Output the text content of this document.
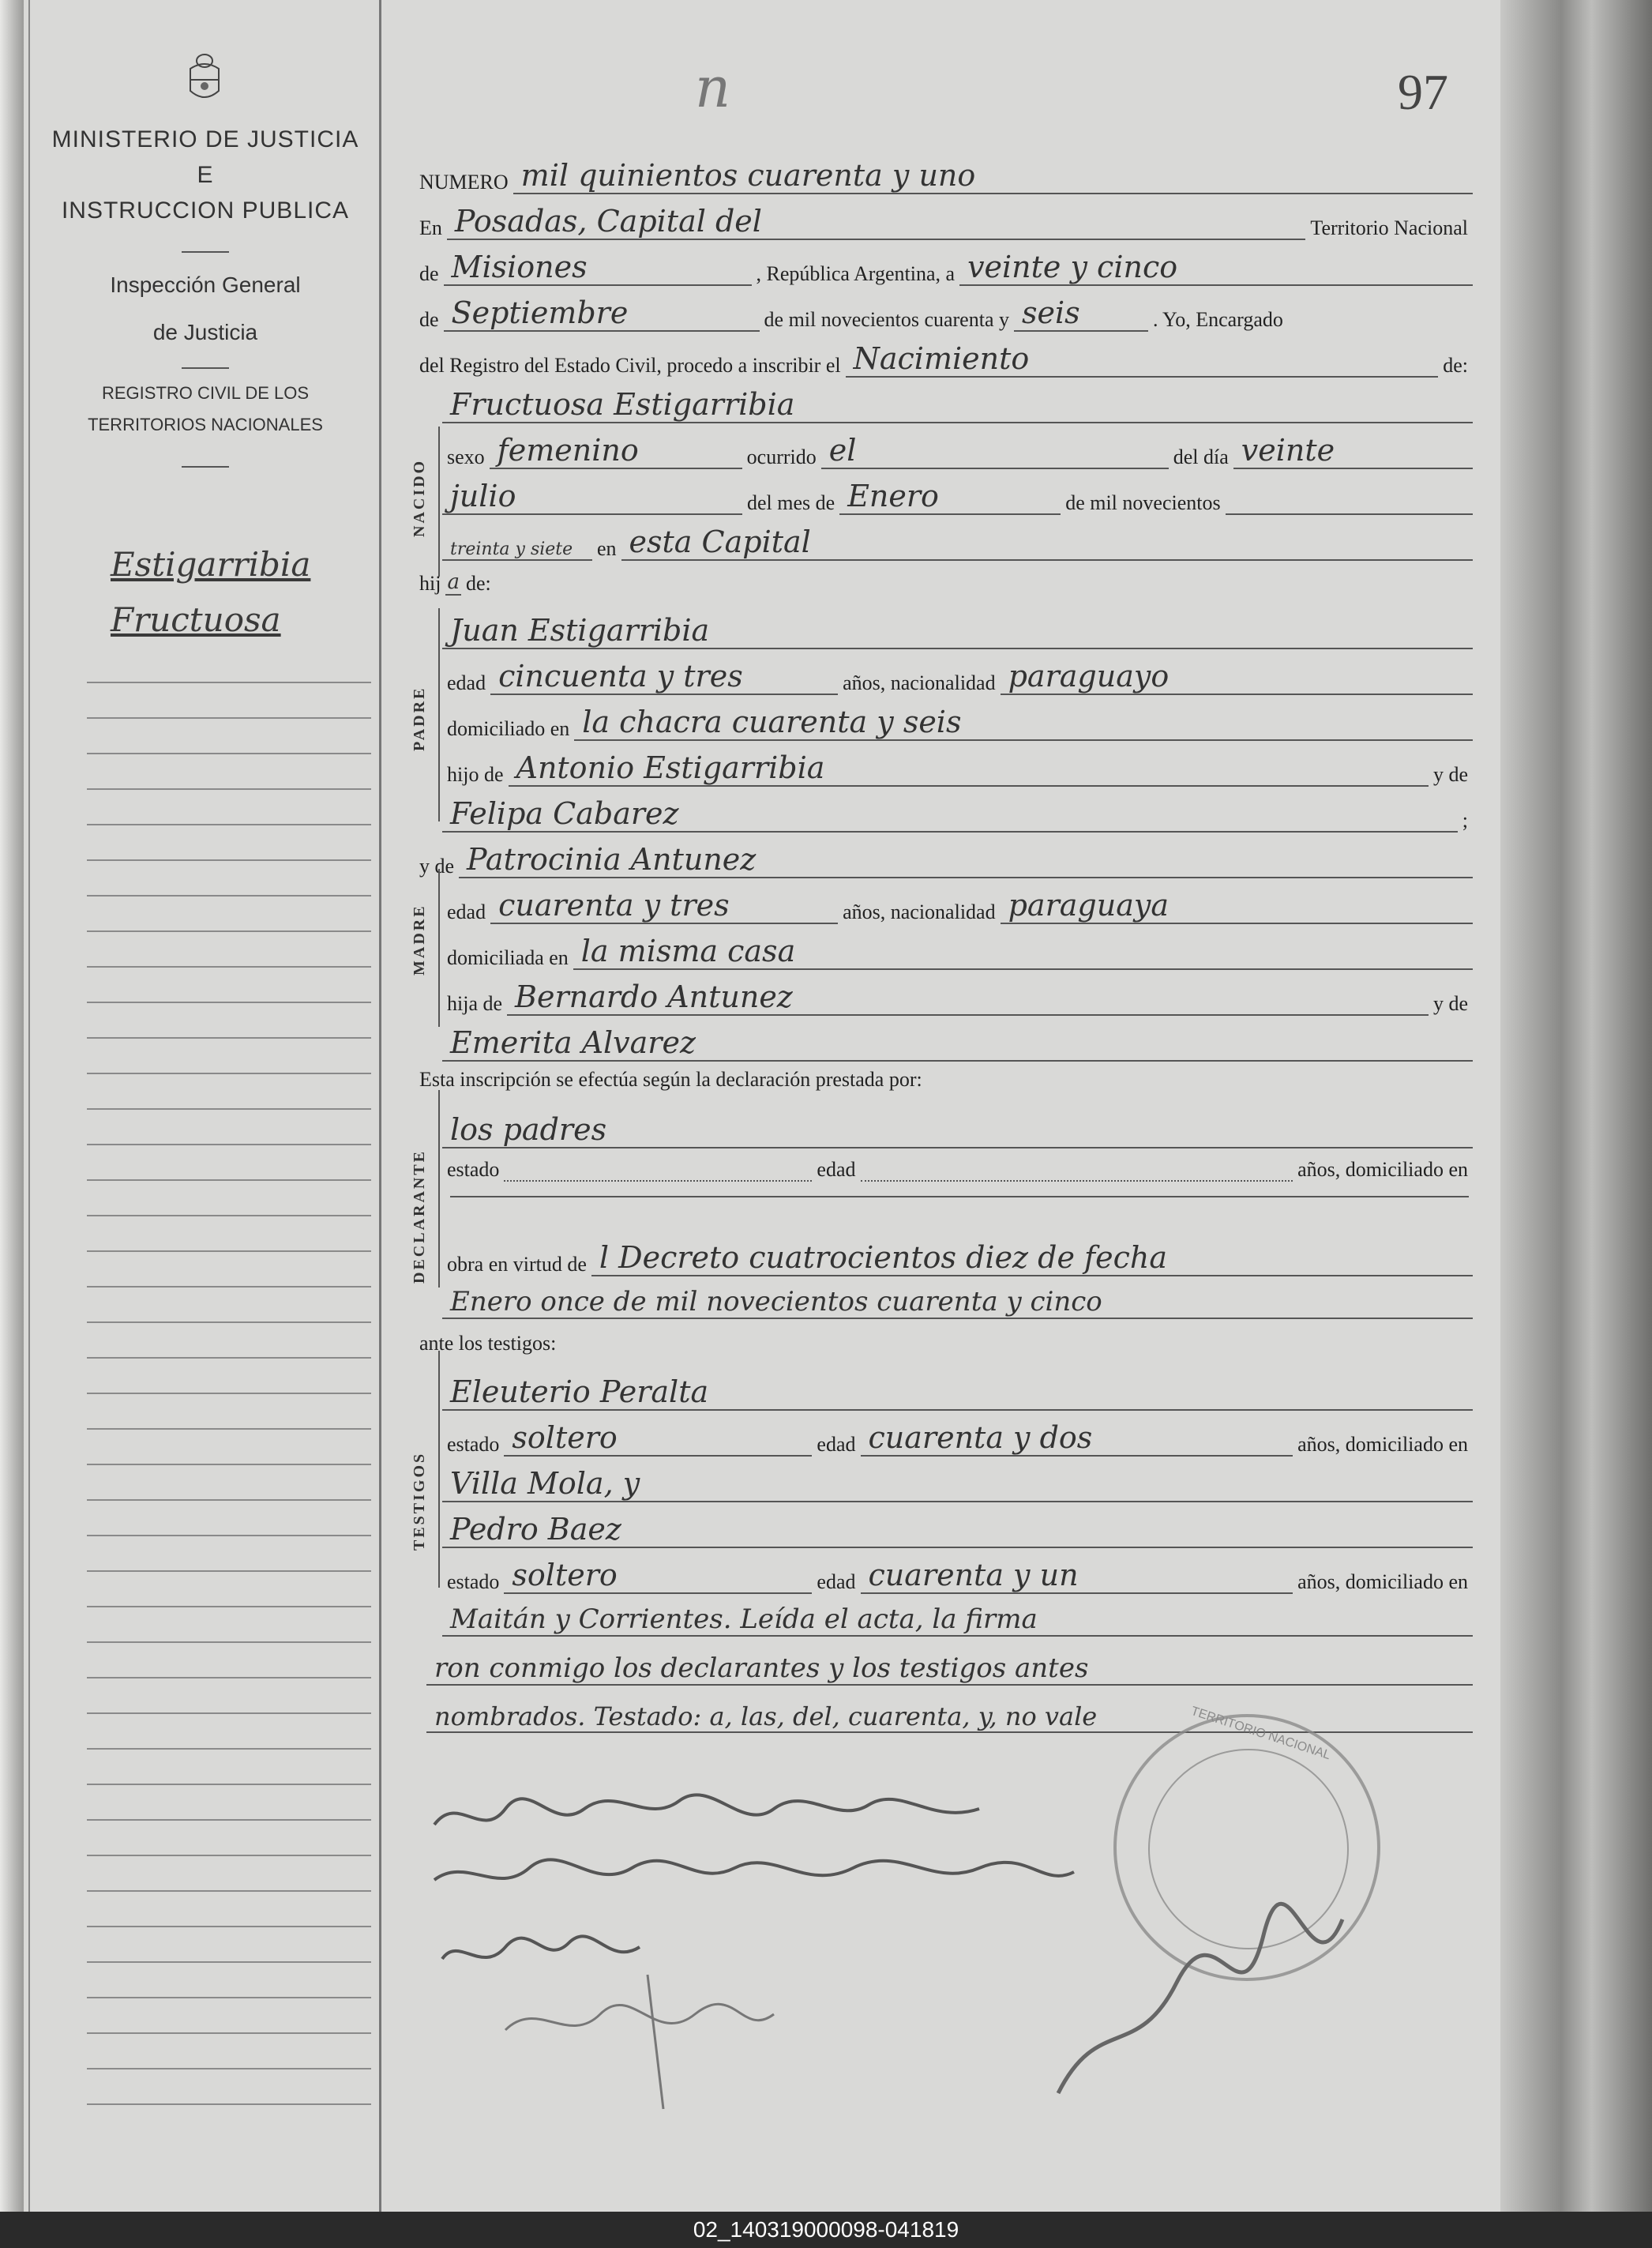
MINISTERIO DE JUSTICIA
E
INSTRUCCION PUBLICA
Inspección General
de Justicia
REGISTRO CIVIL DE LOS
TERRITORIOS NACIONALES
Estigarribia
Fructuosa
n	97
NUMERO mil quinientos cuarenta y uno
En Posadas, Capital del	Territorio Nacional
de Misiones	, República Argentina, a veinte y cinco
de Septiembre	de mil novecientos cuarenta y seis	. Yo, Encargado
del Registro del Estado Civil, procedo a inscribir el Nacimiento	de:
Fructuosa Estigarribia
NACIDO
sexo femenino	ocurrido el	del día veinte
julio	del mes de Enero	de mil novecientos
treinta y siete	en esta Capital
hij a de:
PADRE
Juan Estigarribia
edad cincuenta y tres	años, nacionalidad paraguayo
domiciliado en la chacra cuarenta y seis
hijo de Antonio Estigarribia	y de
Felipa Cabarez	;
y de Patrocinia Antunez
MADRE edad cuarenta y tres	años, nacionalidad paraguaya
domiciliada en la misma casa
hija de Bernardo Antunez	y de
Emerita Alvarez
Esta inscripción se efectúa según la declaración prestada por:
DECLARANTE
los padres
estado	edad	años, domiciliado en
obra en virtud de l Decreto cuatrocientos diez de fecha
Enero once de mil novecientos cuarenta y cinco
ante los testigos:
TESTIGOS
Eleuterio Peralta
estado soltero	edad cuarenta y dos	años, domiciliado en
Villa Mola, y
Pedro Baez
estado soltero	edad cuarenta y un	años, domiciliado en
Maitán y Corrientes. Leída el acta, la firma
ron conmigo los declarantes y los testigos antes
nombrados. Testado: a, las, del, cuarenta, y, no vale	TERRITORIO NACIONAL
02_140319000098-041819
